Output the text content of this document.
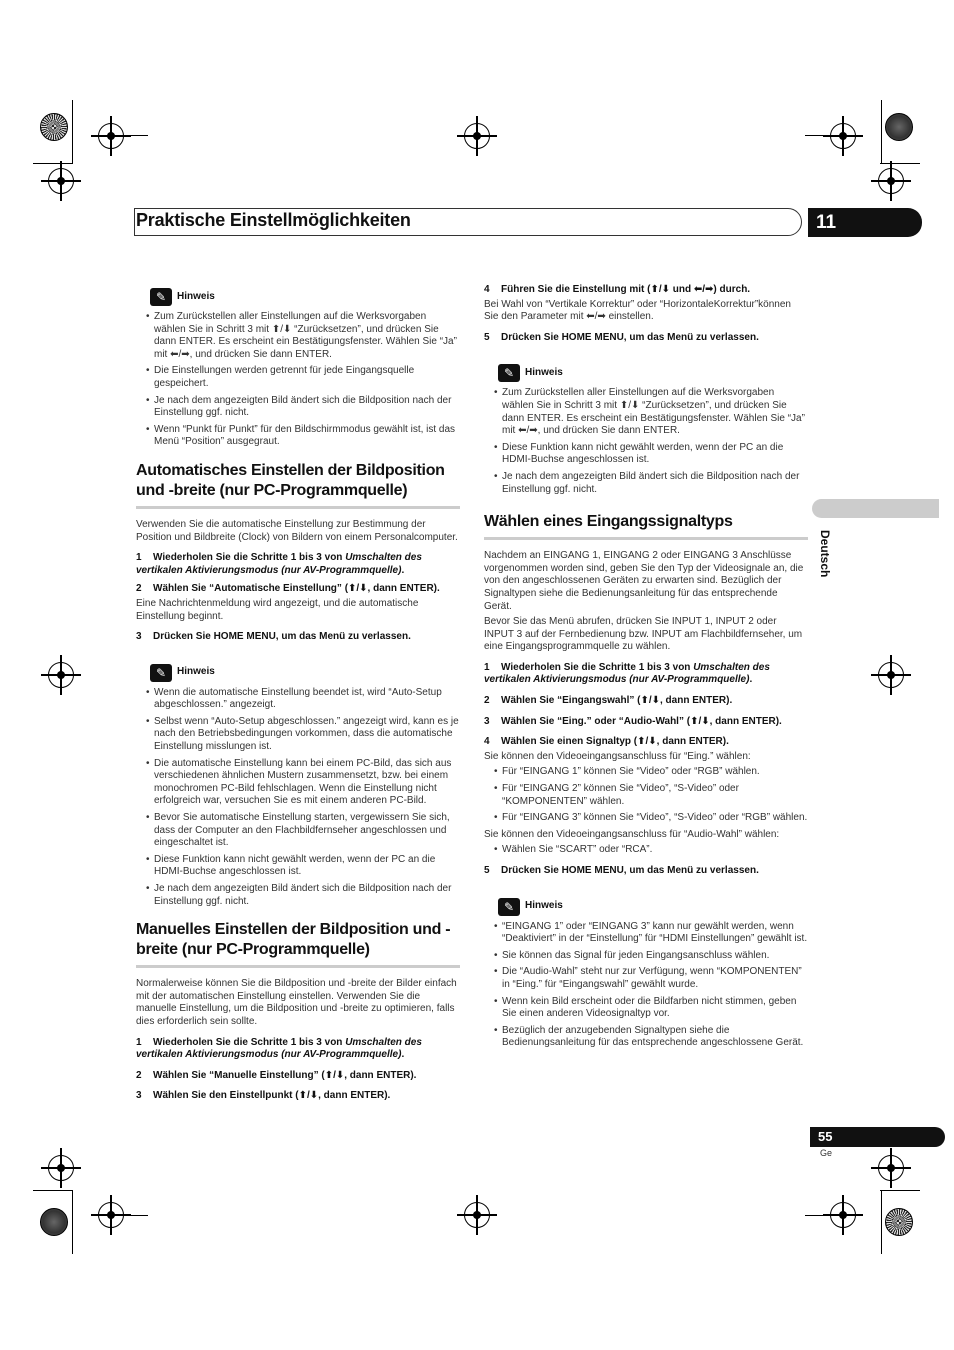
Praktische Einstellmöglichkeiten	11
Deutsch
✎	Hinweis
• Zum Zurückstellen aller Einstellungen auf die Werksvorgaben wählen Sie in Schritt 3 mit ⬆/⬇ “Zurücksetzen”, und drücken Sie dann ENTER. Es erscheint ein Bestätigungsfenster. Wählen Sie “Ja” mit ⬅/➡, und drücken Sie dann ENTER.
• Die Einstellungen werden getrennt für jede Eingangsquelle gespeichert.
• Je nach dem angezeigten Bild ändert sich die Bildposition nach der Einstellung ggf. nicht.
• Wenn “Punkt für Punkt” für den Bildschirmmodus gewählt ist, ist das Menü “Position” ausgegraut.
Automatisches Einstellen der Bildposition und -breite (nur PC-Programmquelle)

Verwenden Sie die automatische Einstellung zur Bestimmung der Position und Bildbreite (Clock) von Bildern von einem Personalcomputer.

1 Wiederholen Sie die Schritte 1 bis 3 von Umschalten des vertikalen Aktivierungsmodus (nur AV-Programmquelle).

2 Wählen Sie “Automatische Einstellung” (⬆/⬇, dann ENTER).

Eine Nachrichtenmeldung wird angezeigt, und die automatische Einstellung beginnt.

3 Drücken Sie HOME MENU, um das Menü zu verlassen.

✎	Hinweis
• Wenn die automatische Einstellung beendet ist, wird “Auto-Setup abgeschlossen.” angezeigt.
• Selbst wenn “Auto-Setup abgeschlossen.” angezeigt wird, kann es je nach den Betriebsbedingungen vorkommen, dass die automatische Einstellung misslungen ist.
• Die automatische Einstellung kann bei einem PC-Bild, das sich aus verschiedenen ähnlichen Mustern zusammensetzt, bzw. bei einem monochromen PC-Bild fehlschlagen. Wenn die Einstellung nicht erfolgreich war, versuchen Sie es mit einem anderen PC-Bild.
• Bevor Sie automatische Einstellung starten, vergewissern Sie sich, dass der Computer an den Flachbildfernseher angeschlossen und eingeschaltet ist.
• Diese Funktion kann nicht gewählt werden, wenn der PC an die HDMI-Buchse angeschlossen ist.
• Je nach dem angezeigten Bild ändert sich die Bildposition nach der Einstellung ggf. nicht.
Manuelles Einstellen der Bildposition und -breite (nur PC-Programmquelle)

Normalerweise können Sie die Bildposition und -breite der Bilder einfach mit der automatischen Einstellung einstellen. Verwenden Sie die manuelle Einstellung, um die Bildposition und -breite zu optimieren, falls dies erforderlich sein sollte.

1 Wiederholen Sie die Schritte 1 bis 3 von Umschalten des vertikalen Aktivierungsmodus (nur AV-Programmquelle).

2 Wählen Sie “Manuelle Einstellung” (⬆/⬇, dann ENTER).

3 Wählen Sie den Einstellpunkt (⬆/⬇, dann ENTER).

4 Führen Sie die Einstellung mit (⬆/⬇ und ⬅/➡) durch.

Bei Wahl von “Vertikale Korrektur” oder “HorizontaleKorrektur”können Sie den Parameter mit ⬅/➡ einstellen.

5 Drücken Sie HOME MENU, um das Menü zu verlassen.

✎	Hinweis
• Zum Zurückstellen aller Einstellungen auf die Werksvorgaben wählen Sie in Schritt 3 mit ⬆/⬇ “Zurücksetzen”, und drücken Sie dann ENTER. Es erscheint ein Bestätigungsfenster. Wählen Sie “Ja” mit ⬅/➡, und drücken Sie dann ENTER.
• Diese Funktion kann nicht gewählt werden, wenn der PC an die HDMI-Buchse angeschlossen ist.
• Je nach dem angezeigten Bild ändert sich die Bildposition nach der Einstellung ggf. nicht.
Wählen eines Eingangssignaltyps

Nachdem an EINGANG 1, EINGANG 2 oder EINGANG 3 Anschlüsse vorgenommen worden sind, geben Sie den Typ der Videosignale an, die von den angeschlossenen Geräten zu erwarten sind. Bezüglich der Signaltypen siehe die Bedienungsanleitung für das entsprechende Gerät.

Bevor Sie das Menü abrufen, drücken Sie INPUT 1, INPUT 2 oder INPUT 3 auf der Fernbedienung bzw. INPUT am Flachbildfernseher, um eine Eingangsprogrammquelle zu wählen.

1 Wiederholen Sie die Schritte 1 bis 3 von Umschalten des vertikalen Aktivierungsmodus (nur AV-Programmquelle).

2 Wählen Sie “Eingangswahl” (⬆/⬇, dann ENTER).

3 Wählen Sie “Eing.” oder “Audio-Wahl” (⬆/⬇, dann ENTER).

4 Wählen Sie einen Signaltyp (⬆/⬇, dann ENTER).

Sie können den Videoeingangsanschluss für “Eing.” wählen:

• Für “EINGANG 1” können Sie “Video” oder “RGB” wählen.
• Für “EINGANG 2” können Sie “Video”, “S-Video” oder “KOMPONENTEN” wählen.
• Für “EINGANG 3” können Sie “Video”, “S-Video” oder “RGB” wählen.

Sie können den Videoeingangsanschluss für “Audio-Wahl” wählen:

• Wählen Sie “SCART” oder “RCA”.

5 Drücken Sie HOME MENU, um das Menü zu verlassen.

✎	Hinweis
• “EINGANG 1” oder “EINGANG 3” kann nur gewählt werden, wenn “Deaktiviert” in der “Einstellung” für “HDMI Einstellungen” gewählt ist.
• Sie können das Signal für jeden Eingangsanschluss wählen.
• Die “Audio-Wahl” steht nur zur Verfügung, wenn “KOMPONENTEN” in “Eing.” für “Eingangswahl” gewählt wurde.
• Wenn kein Bild erscheint oder die Bildfarben nicht stimmen, geben Sie einen anderen Videosignaltyp vor.
• Bezüglich der anzugebenden Signaltypen siehe die Bedienungsanleitung für das entsprechende angeschlossene Gerät.
55
Ge
